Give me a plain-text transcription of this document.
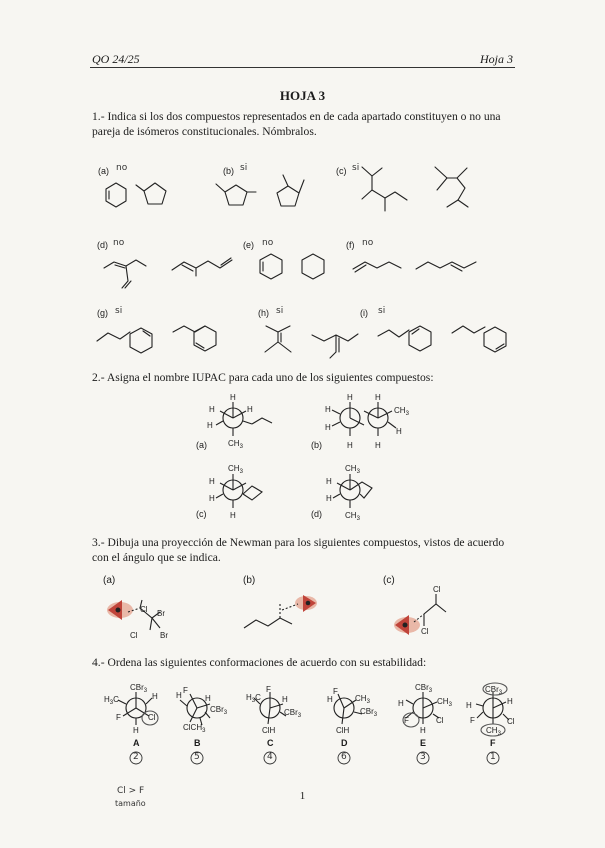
QO 24/25	Hoja 3
HOJA 3
1.- Indica si los dos compuestos representados en de cada apartado constituyen o no una pareja de isómeros constitucionales. Nómbralos.
(a) no	(b) si	(c) si
(d) no	(e) no	(f) no
(g) si	(h) si	(i) si
2.- Asigna el nombre IUPAC para cada uno de los siguientes compuestos:
(a)	(b)
(c)	(d)
H
H	H
H
$CH_3$
H	H
H
H
$CH_3$
H
H	H
$CH_3$
H
H
H
$CH_3$
H
H
$CH_3$
3.- Dibuja una proyección de Newman para los siguientes compuestos, vistos de acuerdo con el ángulo que se indica.
(a)	(b)	(c)
Cl Br
Cl	Br
Cl
Cl
4.- Ordena las siguientes conformaciones de acuerdo con su estabilidad:
CBr$_3$
$H_3C$
F	Cl
H
H
H
F
H
CBr$_3$
ClCH$_3$
$H_3C$
F
H
CBr$_3$
ClH
H
F
$CH_3$
CBr$_3$
ClH
CBr$_3$
H	$CH_3$
F	Cl
H
CBr$_3$
H	H
F	Cl
$CH_3$
A	B	C	D	E	F
2	5	4	6	3	1
Cl > F
tamaño
1
